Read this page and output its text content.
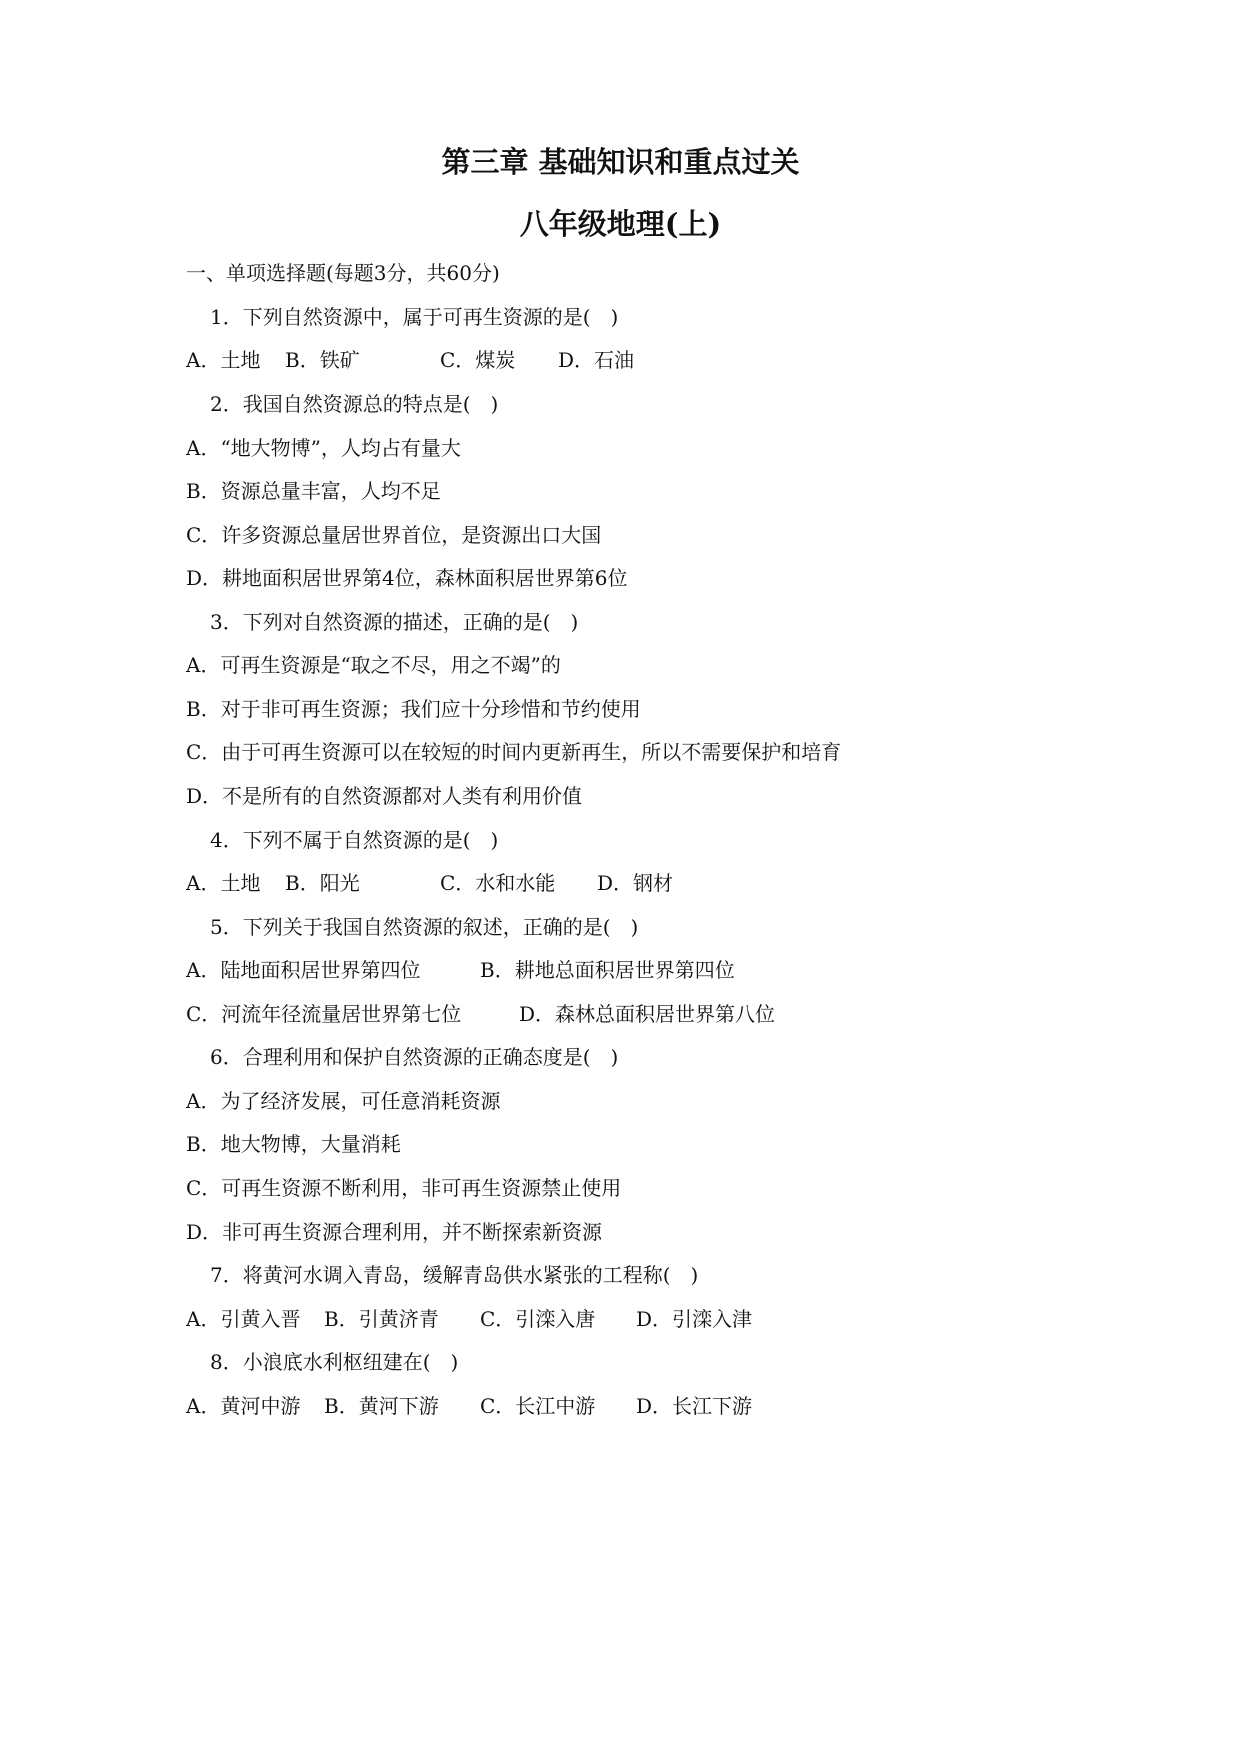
第三章 基础知识和重点过关
八年级地理(上)
一、单项选择题(每题3分，共60分)
1．下列自然资源中，属于可再生资源的是(　)
A．土地 B．铁矿	C．煤炭 D．石油
2．我国自然资源总的特点是(　)
A．“地大物博”，人均占有量大
B．资源总量丰富，人均不足
C．许多资源总量居世界首位，是资源出口大国
D．耕地面积居世界第4位，森林面积居世界第6位
3．下列对自然资源的描述，正确的是(　)
A．可再生资源是“取之不尽，用之不竭”的
B．对于非可再生资源；我们应十分珍惜和节约使用
C．由于可再生资源可以在较短的时间内更新再生，所以不需要保护和培育
D．不是所有的自然资源都对人类有利用价值
4．下列不属于自然资源的是(　)
A．土地 B．阳光	C．水和水能 D．钢材
5．下列关于我国自然资源的叙述，正确的是(　)
A．陆地面积居世界第四位	B．耕地总面积居世界第四位
C．河流年径流量居世界第七位	D．森林总面积居世界第八位
6．合理利用和保护自然资源的正确态度是(　)
A．为了经济发展，可任意消耗资源
B．地大物博，大量消耗
C．可再生资源不断利用，非可再生资源禁止使用
D．非可再生资源合理利用，并不断探索新资源
7．将黄河水调入青岛，缓解青岛供水紧张的工程称(　)
A．引黄入晋 B．引黄济青 C．引滦入唐 D．引滦入津
8．小浪底水利枢纽建在(　)
A．黄河中游 B．黄河下游 C．长江中游 D．长江下游
